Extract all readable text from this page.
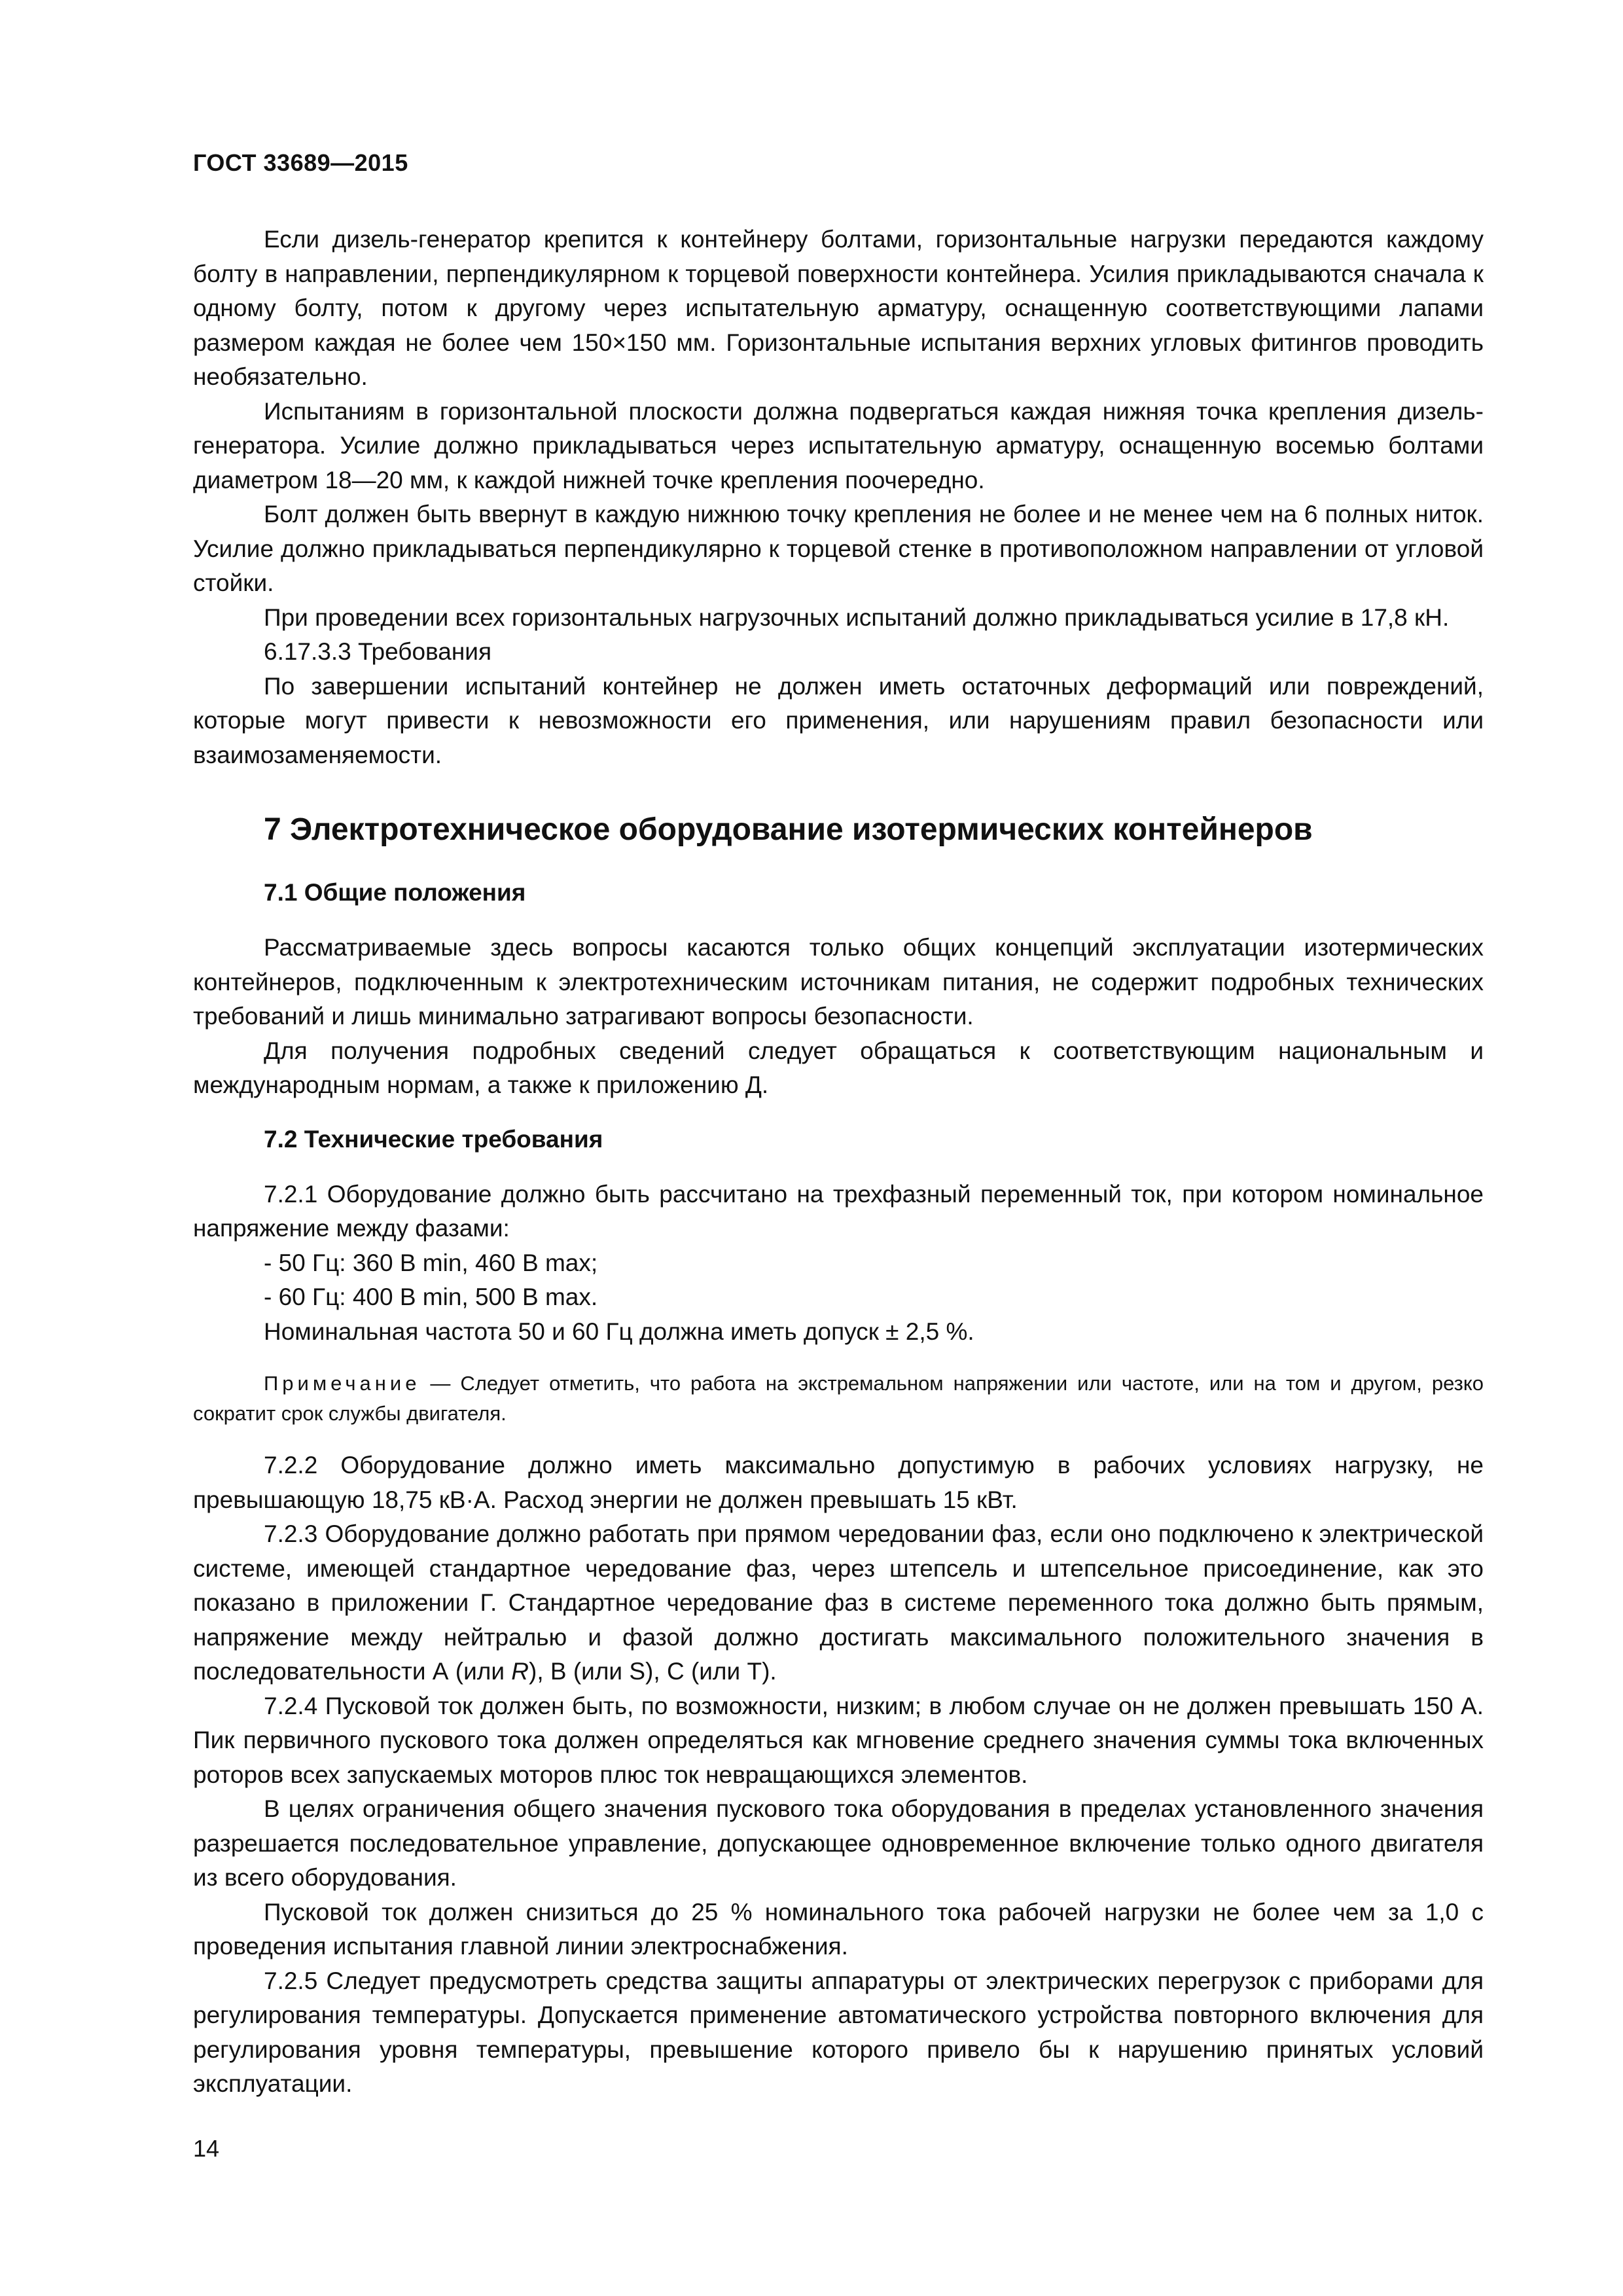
ГОСТ 33689—2015

Если дизель-генератор крепится к контейнеру болтами, горизонтальные нагрузки передаются каждому болту в направлении, перпендикулярном к торцевой поверхности контейнера. Усилия прикладываются сначала к одному болту, потом к другому через испытательную арматуру, оснащенную соответствующими лапами размером каждая не более чем 150×150 мм. Горизонтальные испытания верхних угловых фитингов проводить необязательно.

Испытаниям в горизонтальной плоскости должна подвергаться каждая нижняя точка крепления дизель-генератора. Усилие должно прикладываться через испытательную арматуру, оснащенную восемью болтами диаметром 18—20 мм, к каждой нижней точке крепления поочередно.

Болт должен быть ввернут в каждую нижнюю точку крепления не более и не менее чем на 6 полных ниток. Усилие должно прикладываться перпендикулярно к торцевой стенке в противоположном направлении от угловой стойки.

При проведении всех горизонтальных нагрузочных испытаний должно прикладываться усилие в 17,8 кН.

6.17.3.3 Требования

По завершении испытаний контейнер не должен иметь остаточных деформаций или повреждений, которые могут привести к невозможности его применения, или нарушениям правил безопасности или взаимозаменяемости.

7 Электротехническое оборудование изотермических контейнеров
7.1 Общие положения

Рассматриваемые здесь вопросы касаются только общих концепций эксплуатации изотермических контейнеров, подключенным к электротехническим источникам питания, не содержит подробных технических требований и лишь минимально затрагивают вопросы безопасности.

Для получения подробных сведений следует обращаться к соответствующим национальным и международным нормам, а также к приложению Д.

7.2 Технические требования

7.2.1 Оборудование должно быть рассчитано на трехфазный переменный ток, при котором номинальное напряжение между фазами:

- 50 Гц: 360 В min, 460 В max;

- 60 Гц: 400 В min, 500 В max.

Номинальная частота 50 и 60 Гц должна иметь допуск ± 2,5 %.

Примечание — Следует отметить, что работа на экстремальном напряжении или частоте, или на том и другом, резко сократит срок службы двигателя.

7.2.2 Оборудование должно иметь максимально допустимую в рабочих условиях нагрузку, не превышающую 18,75 кВ·А. Расход энергии не должен превышать 15 кВт.

7.2.3 Оборудование должно работать при прямом чередовании фаз, если оно подключено к электрической системе, имеющей стандартное чередование фаз, через штепсель и штепсельное присоединение, как это показано в приложении Г. Стандартное чередование фаз в системе переменного тока должно быть прямым, напряжение между нейтралью и фазой должно достигать максимального положительного значения в последовательности А (или R), В (или S), С (или Т).

7.2.4 Пусковой ток должен быть, по возможности, низким; в любом случае он не должен превышать 150 А. Пик первичного пускового тока должен определяться как мгновение среднего значения суммы тока включенных роторов всех запускаемых моторов плюс ток невращающихся элементов.

В целях ограничения общего значения пускового тока оборудования в пределах установленного значения разрешается последовательное управление, допускающее одновременное включение только одного двигателя из всего оборудования.

Пусковой ток должен снизиться до 25 % номинального тока рабочей нагрузки не более чем за 1,0 с проведения испытания главной линии электроснабжения.

7.2.5 Следует предусмотреть средства защиты аппаратуры от электрических перегрузок с приборами для регулирования температуры. Допускается применение автоматического устройства повторного включения для регулирования уровня температуры, превышение которого привело бы к нарушению принятых условий эксплуатации.

14
